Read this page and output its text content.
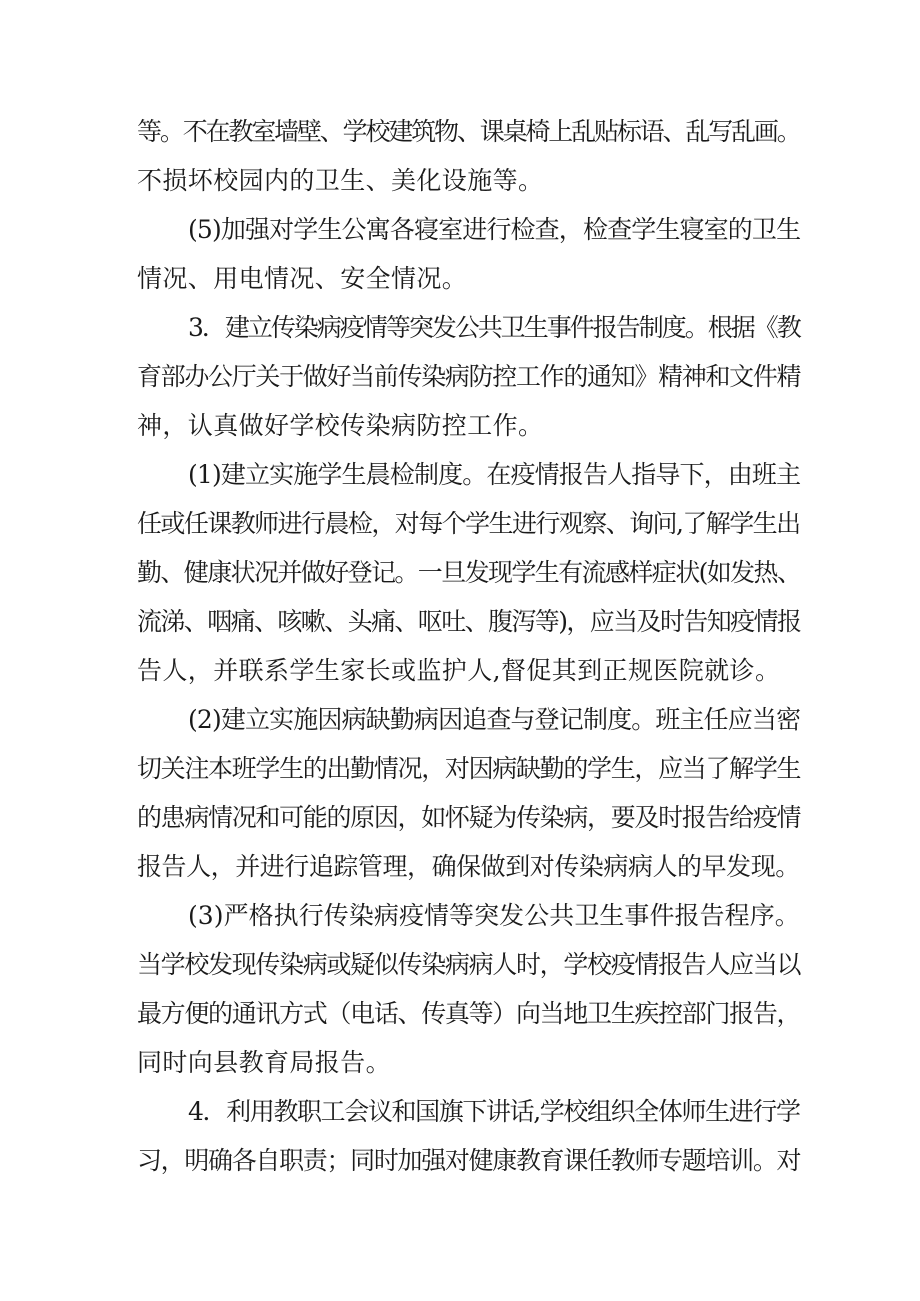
等。不在教室墙壁、学校建筑物、课桌椅上乱贴标语、乱写乱画。
不损坏校园内的卫生、美化设施等。
(5)加强对学生公寓各寝室进行检查，检查学生寝室的卫生
情况、用电情况、安全情况。
3．建立传染病疫情等突发公共卫生事件报告制度。根据《教
育部办公厅关于做好当前传染病防控工作的通知》精神和文件精
神，认真做好学校传染病防控工作。
(1)建立实施学生晨检制度。在疫情报告人指导下，由班主
任或任课教师进行晨检，对每个学生进行观察、询问,了解学生出
勤、健康状况并做好登记。一旦发现学生有流感样症状(如发热、
流涕、咽痛、咳嗽、头痛、呕吐、腹泻等)，应当及时告知疫情报
告人，并联系学生家长或监护人,督促其到正规医院就诊。
(2)建立实施因病缺勤病因追查与登记制度。班主任应当密
切关注本班学生的出勤情况，对因病缺勤的学生，应当了解学生
的患病情况和可能的原因，如怀疑为传染病，要及时报告给疫情
报告人，并进行追踪管理，确保做到对传染病病人的早发现。
(3)严格执行传染病疫情等突发公共卫生事件报告程序。
当学校发现传染病或疑似传染病病人时，学校疫情报告人应当以
最方便的通讯方式（电话、传真等）向当地卫生疾控部门报告，
同时向县教育局报告。
4．利用教职工会议和国旗下讲话,学校组织全体师生进行学
习，明确各自职责；同时加强对健康教育课任教师专题培训。对
